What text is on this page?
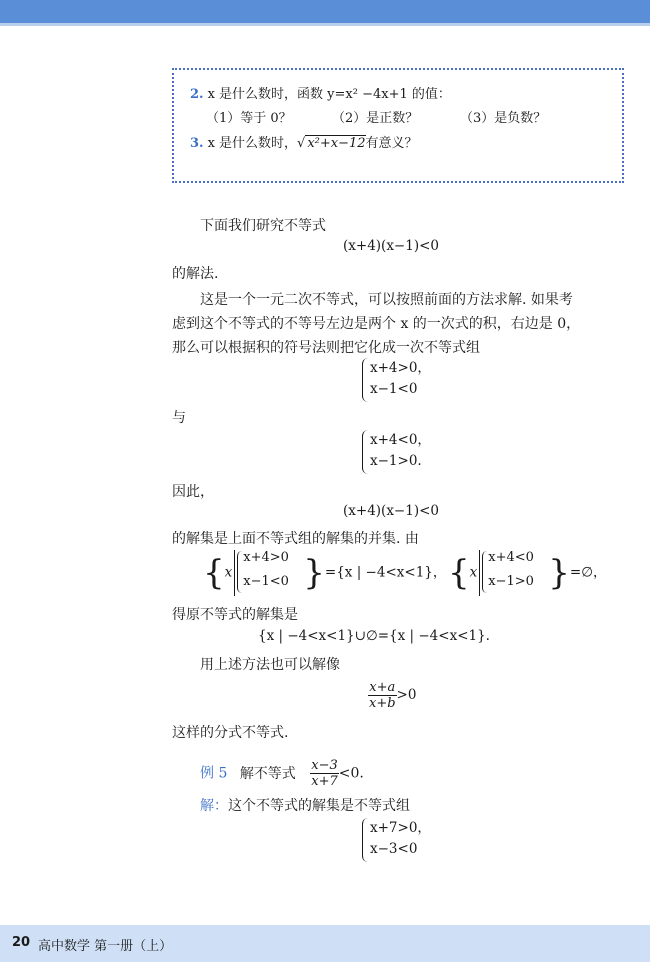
2. x 是什么数时，函数 y=x² −4x+1 的值：
（1）等于 0？	（2）是正数？	（3）是负数？
3. x 是什么数时，√ x²+x−12有意义？
下面我们研究不等式
(x+4)(x−1)<0
的解法.
这是一个一元二次不等式，可以按照前面的方法求解. 如果考
虑到这个不等式的不等号左边是两个 x 的一次式的积，右边是 0，
那么可以根据积的符号法则把它化成一次不等式组
x+4>0，
x−1<0
与
x+4<0，
x−1>0.
因此，
(x+4)(x−1)<0
的解集是上面不等式组的解集的并集. 由
{x
x+4>0
x−1<0 }={x | −4<x<1}， {x
x+4<0
x−1>0 }=∅，
得原不等式的解集是
{x | −4<x<1}∪∅={x | −4<x<1}.
用上述方法也可以解像
$\frac{x+a}{x+b} >0$
这样的分式不等式.
例 5 解不等式 $\frac{x-3}{x+7} <0$.
解：这个不等式的解集是不等式组
x+7>0，
x−3<0
20 高中数学 第一册（上）
